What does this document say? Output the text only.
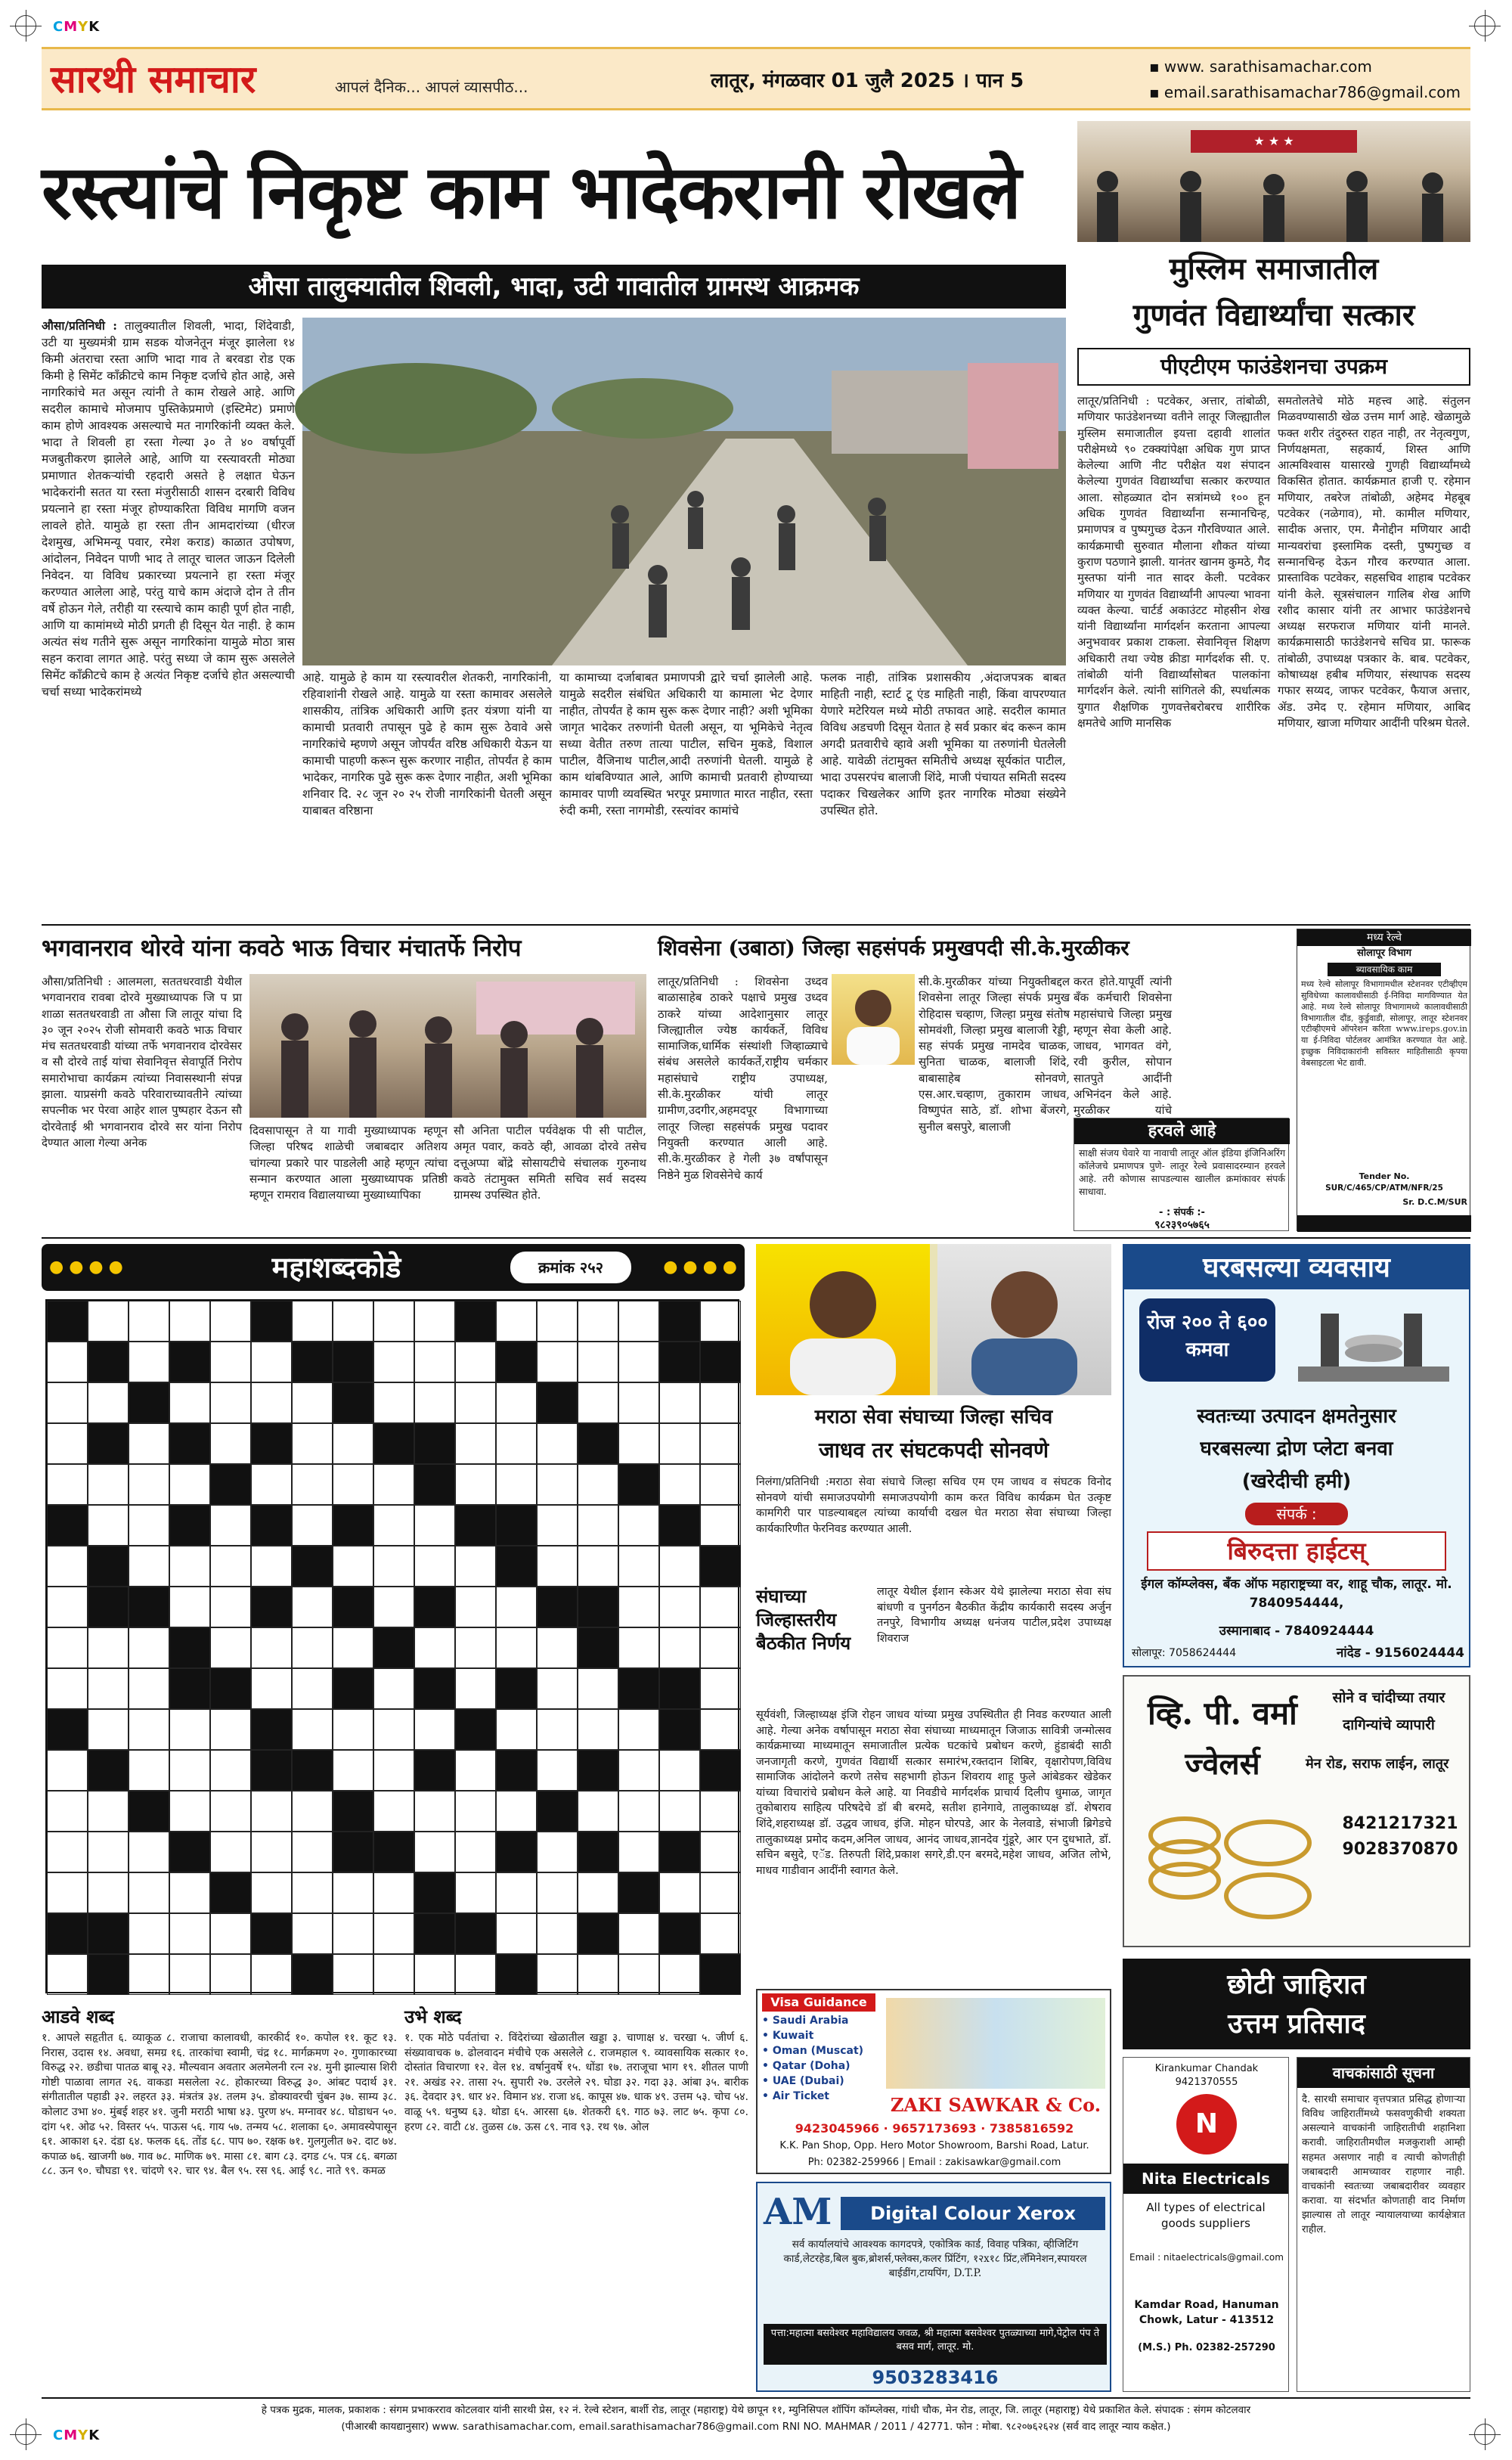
CMYK
CMYK
सारथी समाचार	आपलं दैनिक... आपलं व्यासपीठ...	लातूर, मंगळवार 01 जुलै 2025 । पान 5
▪ www. sarathisamachar.com
▪ email.sarathisamachar786@gmail.com
रस्त्यांचे निकृष्ट काम भादेकरानी रोखले
औसा तालुक्यातील शिवली, भादा, उटी गावातील ग्रामस्थ आक्रमक
औसा/प्रतिनिधी : तालुक्यातील शिवली, भादा, शिंदेवाडी, उटी या मुख्यमंत्री ग्राम सडक योजनेतून मंजूर झालेला १४ किमी अंतराचा रस्ता आणि भादा गाव ते बरवडा रोड एक किमी हे सिमेंट काँक्रीटचे काम निकृष्ट दर्जाचे होत आहे, असे नागरिकांचे मत असून त्यांनी ते काम रोखले आहे. आणि सदरील कामाचे मोजमाप पुस्तिकेप्रमाणे (इस्टिमेट) प्रमाणे काम होणे आवश्यक असल्याचे मत नागरिकांनी व्यक्त केले. भादा ते शिवली हा रस्ता गेल्या ३० ते ४० वर्षापूर्वी मजबुतीकरण झालेले आहे, आणि या रस्त्यावरती मोठ्या प्रमाणात शेतकऱ्यांची रहदारी असते हे लक्षात घेऊन भादेकरांनी सतत या रस्ता मंजुरीसाठी शासन दरबारी विविध प्रयत्नाने हा रस्ता मंजूर होण्याकरिता विविध मागणि वजन लावले होते. यामुळे हा रस्ता तीन आमदारांच्या (धीरज देशमुख, अभिमन्यू पवार, रमेश कराड) काळात उपोषण, आंदोलन, निवेदन पाणी भाद ते लातूर चालत जाऊन दिलेली निवेदन. या विविध प्रकारच्या प्रयत्नाने हा रस्ता मंजूर करण्यात आलेला आहे, परंतु याचे काम अंदाजे दोन ते तीन वर्षे होऊन गेले, तरीही या रस्त्याचे काम काही पूर्ण होत नाही, आणि या कामांमध्ये मोठी प्रगती ही दिसून येत नाही. हे काम अत्यंत संथ गतीने सुरू असून नागरिकांना यामुळे मोठा त्रास सहन करावा लागत आहे. परंतु सध्या जे काम सुरू असलेले सिमेंट काँक्रीटचे काम हे अत्यंत निकृष्ट दर्जाचे होत असल्याची चर्चा सध्या भादेकरांमध्ये
आहे. यामुळे हे काम या रस्त्यावरील शेतकरी, नागरिकांनी, रहिवाशांनी रोखले आहे. यामुळे या रस्ता कामावर असलेले शासकीय, तांत्रिक अधिकारी आणि इतर यंत्रणा यांनी या कामाची प्रतवारी तपासून पुढे हे काम सुरू ठेवावे असे नागरिकांचे म्हणणे असून जोपर्यंत वरिष्ठ अधिकारी येऊन या कामाची पाहणी करून सुरू करणार नाहीत, तोपर्यंत हे काम भादेकर, नागरिक पुढे सुरू करू देणार नाहीत, अशी भूमिका शनिवार दि. २८ जून २० २५ रोजी नागरिकांनी घेतली असून याबाबत वरिष्ठाना
या कामाच्या दर्जाबाबत प्रमाणपत्री द्वारे चर्चा झालेली आहे. यामुळे सदरील संबंधित अधिकारी या कामाला भेट देणार नाहीत, तोपर्यंत हे काम सुरू करू देणार नाही? अशी भूमिका जागृत भादेकर तरुणांनी घेतली असून, या भूमिकेचे नेतृत्व सध्या वेतीत तरुण तात्या पाटील, सचिन मुकडे, विशाल पाटील, वैजिनाथ पाटील,आदी तरुणांनी घेतली. यामुळे हे काम थांबविण्यात आले, आणि कामाची प्रतवारी होण्याच्या कामावर पाणी व्यवस्थित भरपूर प्रमाणात मारत नाहीत, रस्ता रुंदी कमी, रस्ता नागमोडी, रस्त्यांवर कामांचे
फलक नाही, तांत्रिक प्रशासकीय ,अंदाजपत्रक बाबत माहिती नाही, स्टार्ट टू एंड माहिती नाही, किंवा वापरण्यात येणारे मटेरियल मध्ये मोठी तफावत आहे. सदरील कामात विविध अडचणी दिसून येतात हे सर्व प्रकार बंद करून काम अगदी प्रतवारीचे व्हावे अशी भूमिका या तरुणांनी घेतलेली आहे. यावेळी तंटामुक्त समितीचे अध्यक्ष सूर्यकांत पाटील, भादा उपसरपंच बालाजी शिंदे, माजी पंचायत समिती सदस्य पदाकर चिखलेकर आणि इतर नागरिक मोठ्या संख्येने उपस्थित होते.
★ ★ ★
मुस्लिम समाजातील
गुणवंत विद्यार्थ्यांचा सत्कार
पीएटीएम फाउंडेशनचा उपक्रम
लातूर/प्रतिनिधी : पटवेकर, अत्तार, तांबोळी, मणियार फाउंडेशनच्या वतीने लातूर जिल्ह्यातील मुस्लिम समाजातील इयत्ता दहावी शालांत परीक्षेमध्ये ९० टक्क्यांपेक्षा अधिक गुण प्राप्त केलेल्या आणि नीट परीक्षेत यश संपादन केलेल्या गुणवंत विद्यार्थ्यांचा सत्कार करण्यात आला. सोहळ्यात दोन सत्रांमध्ये १०० हून अधिक गुणवंत विद्यार्थ्यांना सन्मानचिन्ह, प्रमाणपत्र व पुष्पगुच्छ देऊन गौरविण्यात आले. कार्यक्रमाची सुरुवात मौलाना शौकत यांच्या कुराण पठणाने झाली. यानंतर खानम कुमठे, गैद मुस्तफा यांनी नात सादर केली. पटवेकर मणियार या गुणवंत विद्यार्थ्यांनी आपल्या भावना व्यक्त केल्या. चार्टर्ड अकाउंटट मोहसीन शेख यांनी विद्यार्थ्यांना मार्गदर्शन करताना आपल्या अनुभवावर प्रकाश टाकला. सेवानिवृत्त शिक्षण अधिकारी तथा ज्येष्ठ क्रीडा मार्गदर्शक सी. ए. तांबोळी यांनी विद्यार्थ्यांसोबत पालकांना मार्गदर्शन केले. त्यांनी सांगितले की, स्पर्धात्मक युगात शैक्षणिक गुणवत्तेबरोबरच शारीरिक क्षमतेचे आणि मानसिक
समतोलतेचे मोठे महत्त्व आहे. संतुलन मिळवण्यासाठी खेळ उत्तम मार्ग आहे. खेळामुळे फक्त शरीर तंदुरुस्त राहत नाही, तर नेतृत्वगुण, निर्णयक्षमता, सहकार्य, शिस्त आणि आत्मविश्वास यासारखे गुणही विद्यार्थ्यांमध्ये विकसित होतात. कार्यक्रमात हाजी ए. रहेमान मणियार, तबरेज तांबोळी, अहेमद मेहबूब पटवेकर (नळेगाव), मो. कामील मणियार, सादीक अत्तार, एम. मैनोद्दीन मणियार आदी मान्यवरांचा इस्लामिक दस्ती, पुष्पगुच्छ व सन्मानचिन्ह देऊन गौरव करण्यात आला. प्रास्ताविक पटवेकर, सहसचिव शाहाब पटवेकर यांनी केले. सूत्रसंचालन गालिब शेख आणि रशीद कासार यांनी तर आभार फाउंडेशनचे अध्यक्ष सरफराज मणियार यांनी मानले. कार्यक्रमासाठी फाउंडेशनचे सचिव प्रा. फारूक तांबोळी, उपाध्यक्ष पत्रकार के. बाब. पटवेकर, कोषाध्यक्ष हबीब मणियार, संस्थापक सदस्य गफार सय्यद, जाफर पटवेकर, फैयाज अत्तार, ॲड. उमेद ए. रहेमान मणियार, आबिद मणियार, खाजा मणियार आदींनी परिश्रम घेतले.
भगवानराव थोरवे यांना कवठे भाऊ विचार मंचातर्फे निरोप
औसा/प्रतिनिधी : आलमला, सततधरवाडी येथील भगवानराव रावबा दोरवे मुख्याध्यापक जि प प्रा शाळा सततधरवाडी ता औसा जि लातूर यांचा दि ३० जून २०२५ रोजी सोमवारी कवठे भाऊ विचार मंच सततधरवाडी यांच्या तर्फे भगवानराव दोरवेसर व सौ दोरवे ताई यांचा सेवानिवृत्त सेवापूर्ति निरोप समारोभाचा कार्यक्रम त्यांच्या निवासस्थानी संपन्न झाला. याप्रसंगी कवठे परिवाराच्यावतीने त्यांच्या सपत्नीक भर पेरवा आहेर शाल पुष्पहार देऊन सौ दोरवेताई श्री भगवानराव दोरवे सर यांना निरोप देण्यात आला गेल्या अनेक
दिवसापासून ते या गावी मुख्याध्यापक म्हणून जिल्हा परिषद शाळेची जबाबदार अतिशय चांगल्या प्रकारे पार पाडलेली आहे म्हणून त्यांचा सन्मान करण्यात आला मुख्याध्यापक प्रतिष्ठी म्हणून रामराव विद्यालयाच्या मुख्याध्यापिका
सौ अनिता पाटील पर्यवेक्षक पी सी पाटील, अमृत पवार, कवठे व्ही, आवळा दोरवे तसेच दत्तूअप्पा बोंद्रे सोसायटीचे संचालक गुरुनाथ कवठे तंटामुक्त समिती सचिव सर्व सदस्य ग्रामस्थ उपस्थित होते.
शिवसेना (उबाठा) जिल्हा सहसंपर्क प्रमुखपदी सी.के.मुरळीकर
लातूर/प्रतिनिधी : शिवसेना उध्दव बाळासाहेब ठाकरे पक्षाचे प्रमुख उध्दव ठाकरे यांच्या आदेशानुसार लातूर जिल्ह्यातील ज्येष्ठ कार्यकर्ते, विविध सामाजिक,धार्मिक संस्थांशी जिव्हाळ्याचे संबंध असलेले कार्यकर्ते,राष्ट्रीय चर्मकार महासंघाचे राष्ट्रीय उपाध्यक्ष, सी.के.मुरळीकर यांची लातूर ग्रामीण,उदगीर,अहमदपूर विभागाच्या लातूर जिल्हा सहसंपर्क प्रमुख पदावर नियुक्ती करण्यात आली आहे. सी.के.मुरळीकर हे गेली ३७ वर्षांपासून निष्ठेने मुळ शिवसेनेचे कार्य
सी.के.मुरळीकर यांच्या नियुक्तीबद्दल शिवसेना लातूर जिल्हा संपर्क प्रमुख रोहिदास चव्हाण, जिल्हा प्रमुख संतोष सोमवंशी, जिल्हा प्रमुख बालाजी रेड्डी, सह संपर्क प्रमुख नामदेव चाळक, सुनिता चाळक, बालाजी शिंदे, बाबासाहेब सोनवणे, एस.आर.चव्हाण, तुकाराम जाधव, विष्णुपंत साठे, डॉ. शोभा बेंजरगे, सुनील बसपुरे, बालाजी
करत होते.यापूर्वी त्यांनी बँक कर्मचारी शिवसेना महासंघाचे जिल्हा प्रमुख म्हणून सेवा केली आहे. जाधव, भागवत वंगे, रवी कुरील, सोपान सातपुते आदींनी अभिनंदन केले आहे. मुरळीकर यांचे
हरवले आहे
साक्षी संजय घेवारे या नावाची लातूर ऑल इंडिया इंजिनिअरिंग कॉलेजचे प्रमाणपत्र पुणे- लातूर रेल्वे प्रवासादरम्यान हरवले आहे. तरी कोणास सापडल्यास खालील क्रमांकावर संपर्क साधावा.
- : संपर्क :-
९८२३९०५७६५
मध्य रेल्वे
सोलापूर विभाग
ब्यावसायिक काम
मध्य रेल्वे सोलापूर विभागामधील स्टेशनवर एटीव्हीएम सुविधेच्या कालावधीसाठी ई-निविदा मागविण्यात येत आहे. मध्य रेल्वे सोलापूर विभागामध्ये कालावधीसाठी विभागातील दौंड, कुर्डुवाडी, सोलापूर, लातूर स्टेशनवर एटीव्हीएमचे ऑपरेशन करिता www.ireps.gov.in या ई-निविदा पोर्टलवर आमंत्रित करण्यात येत आहे. इच्छुक निविदाकारांनी सविस्तर माहितीसाठी कृपया वेबसाइटला भेट द्यावी.
Tender No.
SUR/C/465/CP/ATM/NFR/25
Sr. D.C.M/SUR
● ● ● ●	महाशब्दकोडे	क्रमांक २५२	● ● ● ●
आडवे शब्द
१. आपले सहृतीत ६. व्याकूळ ८. राजाचा कालावधी, कारकीर्द १०. कपोल ११. कूट १३. निरास, उदास १४. अवधा, समग्र १६. तारकांचा स्वामी, चंद्र १८. मार्गक्रमण २०. गुणाकारच्या विरुद्ध २२. छडीचा पातळ बाबू २३. मौल्यवान अवतार अलमेलनी रत्न २४. मुनी झाल्यास शिरी गोष्टी पाळावा लागत २६. वाकडा मसलेला २८. होकारच्या विरुद्ध ३०. आंबट पदार्थ ३१. संगीतातील पहाडी ३२. लहरत ३३. मंत्रतंत्र ३४. तलम ३५. डोक्यावरची चुंबन ३७. साम्य ३८. कोलाट उभा ४०. मुंबई शहर ४१. जुनी मराठी भाषा ४३. पुरण ४५. मग्नावर ४८. घोडाधन ५०. दांग ५१. ओढ ५२. विस्तर ५५. पाऊस ५६. गाय ५७. तन्मय ५८. शलाका ६०. अमावस्येपासून ६१. आकाश ६२. दंडा ६४. फलक ६६. तोंड ६८. पाप ७०. रक्षक ७१. गुलगुलीत ७२. दाट ७४. कपाळ ७६. खाजगी ७७. गाव ७८. माणिक ७९. मासा ८१. बाग ८३. दगड ८५. पत्र ८६. बगळा ८८. ऊन ९०. चौघडा ९१. चांदणे ९२. चार ९४. बैल ९५. रस ९६. आई ९८. नाते ९९. कमळ
उभे शब्द
१. एक मोठे पर्वतांचा २. विंदेरांच्या खेळातील खड्डा ३. चाणाक्ष ४. चरखा ५. जीर्ण ६. संख्यावाचक ७. ढोलवादन मंचीचे एक असलेले ८. राजमहाल ९. व्यावसायिक सत्कार १०. दोस्तांत विचारणा १२. वेल १४. वर्षानुवर्षे १५. धोंडा १७. तराजूचा भाग १९. शीतल पाणी २१. अखंड २२. तासा २५. सुपारी २७. उरलेले २९. घोडा ३२. गदा ३३. आंबा ३५. बारीक ३६. देवदार ३९. धार ४२. विमान ४४. राजा ४६. कापूस ४७. धाक ४९. उत्तम ५३. चोच ५४. वाळू ५९. धनुष्य ६३. थोडा ६५. आरसा ६७. शेतकरी ६९. गाठ ७३. लाट ७५. कृपा ८०. हरण ८२. वाटी ८४. तुळस ८७. ऊस ८९. नाव ९३. रथ ९७. ओल
मराठा सेवा संघाच्या जिल्हा सचिव
जाधव तर संघटकपदी सोनवणे
निलंगा/प्रतिनिधी :मराठा सेवा संघाचे जिल्हा सचिव एम एम जाधव व संघटक विनोद सोनवणे यांची समाजउपयोगी समाजउपयोगी काम करत विविध कार्यक्रम घेत उत्कृष्ट कामगिरी पार पाडल्याबद्दल त्यांच्या कार्याची दखल घेत मराठा सेवा संघाच्या जिल्हा कार्यकारिणीत फेरनिवड करण्यात आली.
संघाच्या जिल्हास्तरीय बैठकीत निर्णय
लातूर येथील ईशान स्केअर येथे झालेल्या मराठा सेवा संघ बांधणी व पुनर्गठन बैठकीत केंद्रीय कार्यकारी सदस्य अर्जुन तनपुरे, विभागीय अध्यक्ष धनंजय पाटील,प्रदेश उपाध्यक्ष शिवराज
सूर्यवंशी, जिल्हाध्यक्ष इंजि रोहन जाधव यांच्या प्रमुख उपस्थितीत ही निवड करण्यात आली आहे. गेल्या अनेक वर्षापासून मराठा सेवा संघाच्या माध्यमातून जिजाऊ सावित्री जन्मोत्सव कार्यक्रमाच्या माध्यमातून समाजातील प्रत्येक घटकांचे प्रबोधन करणे, हुंडाबंदी साठी जनजागृती करणे, गुणवंत विद्यार्थी सत्कार समारंभ,रक्तदान शिबिर, वृक्षारोपण,विविध सामाजिक आंदोलने करणे तसेच सहभागी होऊन शिवराय शाहू फुले आंबेडकर खेडेकर यांच्या विचारांचे प्रबोधन केले आहे. या निवडीचे मार्गदर्शक प्राचार्य दिलीप धुमाळ, जागृत तुकोबाराय साहित्य परिषदेचे डॉ बी बरमदे, सतीश हानेगावे, तालुकाध्यक्ष डॉ. शेषराव शिंदे,शहराध्यक्ष डॉ. उद्धव जाधव, इंजि. मोहन घोरपडे, आर के नेलवाडे, संभाजी ब्रिगेडचे तालुकाध्यक्ष प्रमोद कदम,अनिल जाधव, आनंद जाधव,ज्ञानदेव गुंडूरे, आर एन दुधभाते, डॉ. सचिन बसुदे, एॅड. तिरुपती शिंदे,प्रकाश सगरे,डी.एन बरमदे,महेश जाधव, अजित लोभे, माधव गाडीवान आदींनी स्वागत केले.
घरबसल्या व्यवसाय
रोज २०० ते ६०० कमवा
स्वतःच्या उत्पादन क्षमतेनुसार
घरबसल्या द्रोण प्लेटा बनवा
(खरेदीची हमी)
संपर्क :
बिरुदत्ता हाईटस्
ईगल कॉम्प्लेक्स, बँक ऑफ महाराष्ट्रच्या वर, शाहू चौक, लातूर. मो. 7840954444,
उस्मानाबाद - 7840924444
सोलापूर: 7058624444	नांदेड - 9156024444
व्हि. पी. वर्मा	सोने व चांदीच्या तयार
दागिन्यांचे व्यापारी
ज्वेलर्स	मेन रोड, सराफ लाईन, लातूर
8421217321
9028370870
Visa Guidance
• Saudi Arabia
• Kuwait
• Oman (Muscat)
• Qatar (Doha)
• UAE (Dubai)
• Air Ticket	ZAKI SAWKAR & Co.
9423045966 · 9657173693 · 7385816592
K.K. Pan Shop, Opp. Hero Motor Showroom, Barshi Road, Latur.
Ph: 02382-259966 | Email : zakisawkar@gmail.com
AM	Digital Colour Xerox
सर्व कार्यालयांचे आवश्यक कागदपत्रे, एकोत्रिक कार्ड, विवाह पत्रिका, व्हीजिटिंग कार्ड,लेटरहेड,बिल बुक,ब्रोशर्स,फ्लेक्स,कलर प्रिंटिंग, १२x१८ प्रिंट,लॅमिनेशन,स्पायरल बाईडींग,टायपिंग, D.T.P.
पत्ता:महात्मा बसवेश्वर महाविद्यालय जवळ, श्री महात्मा बसवेश्वर पुतळ्याच्या मागे,पेट्रोल पंप ते बसव मार्ग, लातूर. मो.
9503283416
छोटी जाहिरात
उत्तम प्रतिसाद
Kirankumar Chandak
9421370555
N
Nita Electricals
All types of electrical goods suppliers
Email : nitaelectricals@gmail.com
Kamdar Road, Hanuman Chowk, Latur - 413512
(M.S.) Ph. 02382-257290
वाचकांसाठी सूचना
दै. सारथी समाचार वृत्तपत्रात प्रसिद्ध होणाऱ्या विविध जाहिरातींमध्ये फसवणुकीची शक्यता असल्याने वाचकांनी जाहिरातीची शहानिशा करावी. जाहिरातीमधील मजकुराशी आम्ही सहमत असणार नाही व त्याची कोणतीही जबाबदारी आमच्यावर राहणार नाही. वाचकांनी स्वतःच्या जबाबदारीवर व्यवहार करावा. या संदर्भात कोणताही वाद निर्माण झाल्यास तो लातूर न्यायालयाच्या कार्यक्षेत्रात राहील.
हे पत्रक मुद्रक, मालक, प्रकाशक : संगम प्रभाकरराव कोटलवार यांनी सारथी प्रेस, १२ नं. रेल्वे स्टेशन, बार्शी रोड, लातूर (महाराष्ट्र) येथे छापून ११, म्युनिसिपल शॉपिंग कॉम्प्लेक्स, गांधी चौक, मेन रोड, लातूर, जि. लातूर (महाराष्ट्र) येथे प्रकाशित केले. संपादक : संगम कोटलवार
(पीआरबी कायद्यानुसार) www. sarathisamachar.com, email.sarathisamachar786@gmail.com RNI NO. MAHMAR / 2011 / 42771. फोन : मोबा. ९८२०७६२६२४ (सर्व वाद लातूर न्याय कक्षेत.)
